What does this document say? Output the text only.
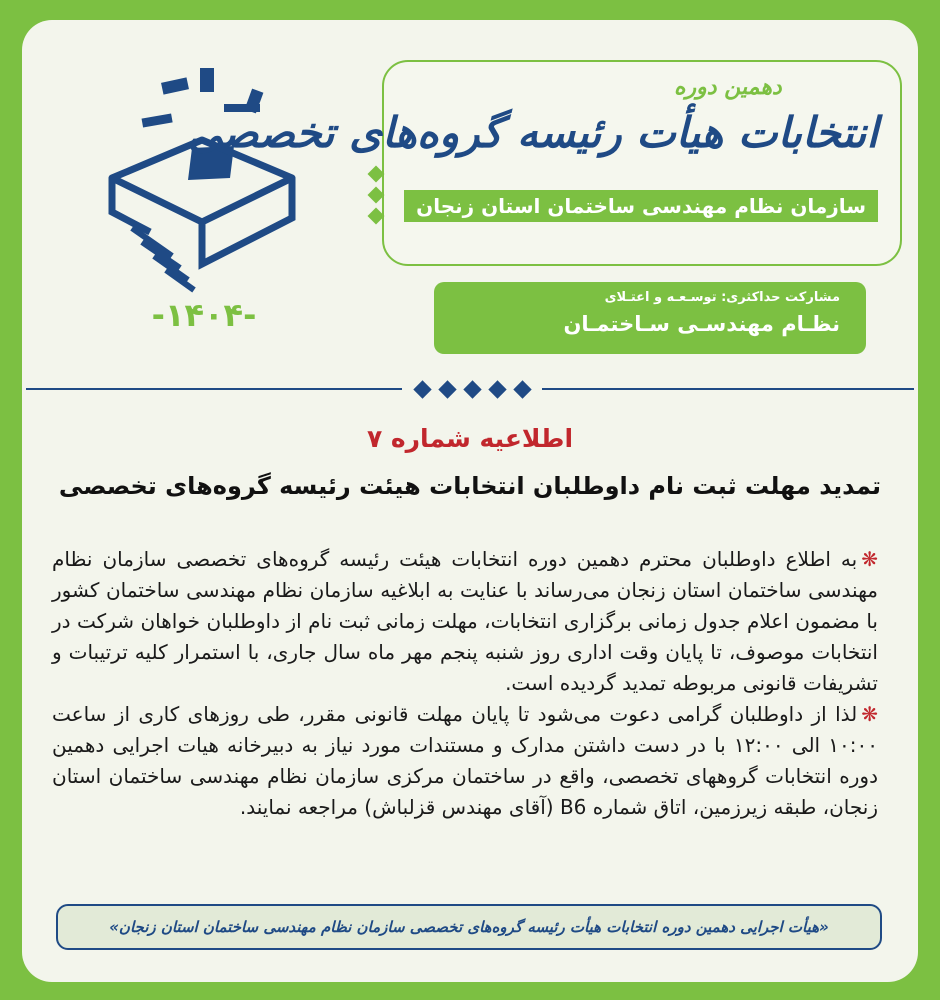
-۱۴۰۴-
دهمین دوره
انتخابات هیأت رئیسه گروه‌های تخصصی
سازمان نظام مهندسی ساختمان استان زنجان
مشارکت حداکثری: توسـعـه و اعتـلای
نظـام مهندسـی سـاختمـان
اطلاعیه شماره ۷
تمدید مهلت ثبت نام داوطلبان انتخابات هیئت رئیسه گروه‌های تخصصی

❋به اطلاع داوطلبان محترم دهمین دوره انتخابات هیئت رئیسه گروه‌های تخصصی سازمان نظام مهندسی ساختمان استان زنجان می‌رساند با عنایت به ابلاغیه سازمان نظام مهندسی ساختمان کشور با مضمون اعلام جدول زمانی برگزاری انتخابات، مهلت زمانی ثبت نام از داوطلبان خواهان شرکت در انتخابات موصوف، تا پایان وقت اداری روز شنبه پنجم مهر ماه سال جاری، با استمرار کلیه ترتیبات و تشریفات قانونی مربوطه تمدید گردیده است.

❋لذا از داوطلبان گرامی دعوت می‌شود تا پایان مهلت قانونی مقرر، طی روزهای کاری از ساعت ۱۰:۰۰ الی ۱۲:۰۰ با در دست داشتن مدارک و مستندات مورد نیاز به دبیرخانه هیات اجرایی دهمین دوره انتخابات گروههای تخصصی، واقع در ساختمان مرکزی سازمان نظام مهندسی ساختمان استان زنجان، طبقه زیرزمین، اتاق شماره B6 (آقای مهندس قزلباش) مراجعه نمایند.

«هیأت اجرایی دهمین دوره انتخابات هیأت رئیسه گروه‌های تخصصی سازمان نظام مهندسی ساختمان استان زنجان»
